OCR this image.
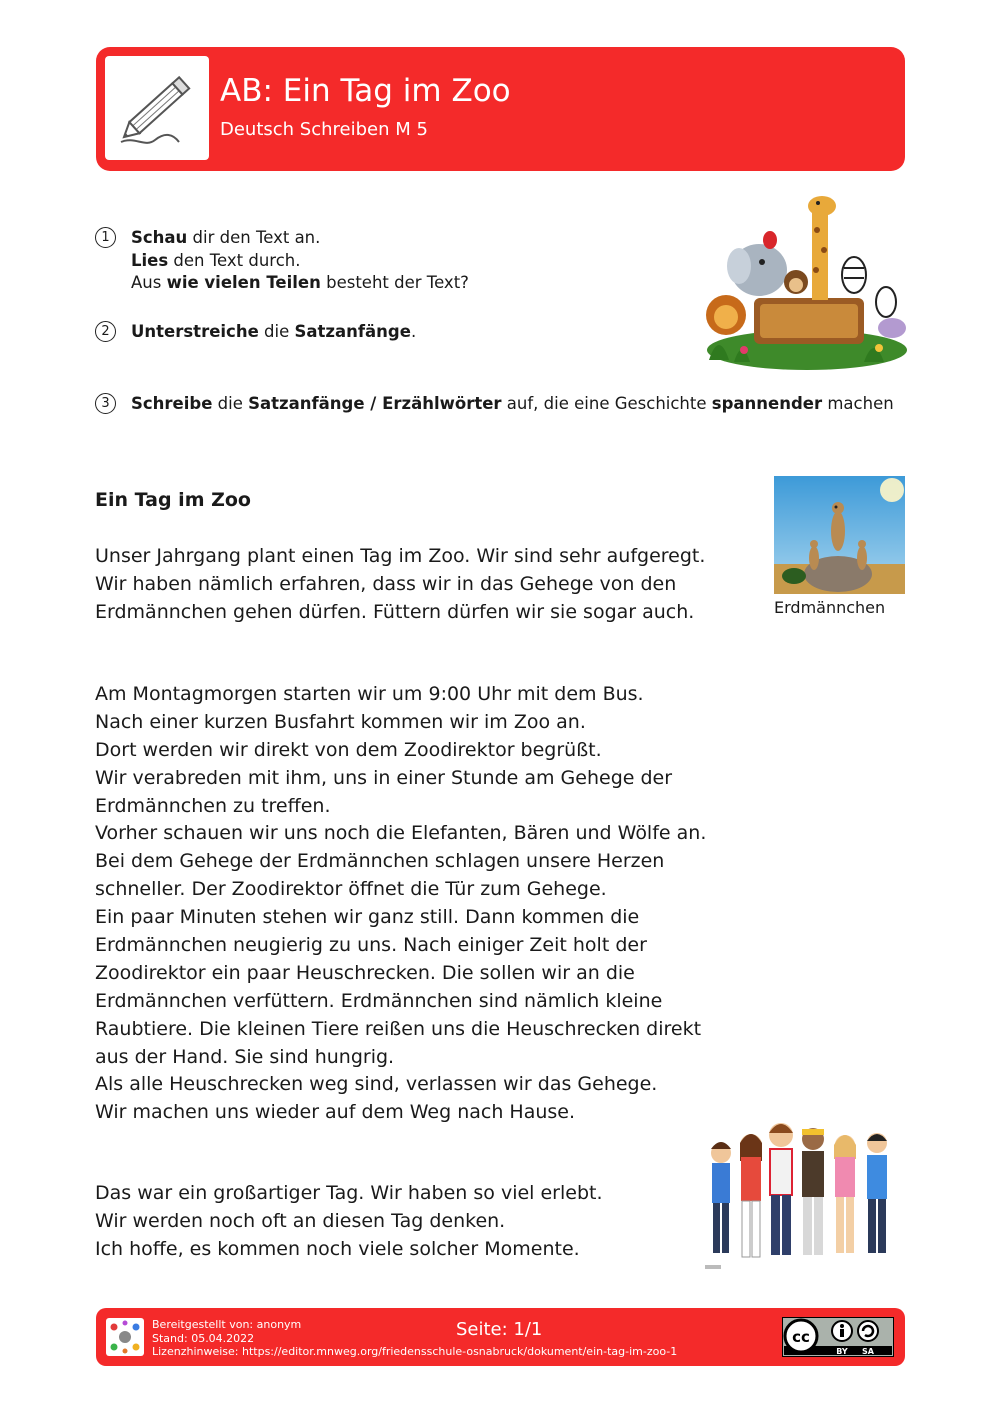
AB: Ein Tag im Zoo
Deutsch Schreiben M 5
1	Schau dir den Text an.
Lies den Text durch.
Aus wie vielen Teilen besteht der Text?
2	Unterstreiche die Satzanfänge.
3	Schreibe die Satzanfänge / Erzählwörter auf, die eine Geschichte spannender machen
Ein Tag im Zoo
Unser Jahrgang plant einen Tag im Zoo. Wir sind sehr aufgeregt.
Wir haben nämlich erfahren, dass wir in das Gehege von den
Erdmännchen gehen dürfen. Füttern dürfen wir sie sogar auch.
Am Montagmorgen starten wir um 9:00 Uhr mit dem Bus.
Nach einer kurzen Busfahrt kommen wir im Zoo an.
Dort werden wir direkt von dem Zoodirektor begrüßt.
Wir verabreden mit ihm, uns in einer Stunde am Gehege der
Erdmännchen zu treffen.
Vorher schauen wir uns noch die Elefanten, Bären und Wölfe an.
Bei dem Gehege der Erdmännchen schlagen unsere Herzen
schneller. Der Zoodirektor öffnet die Tür zum Gehege.
Ein paar Minuten stehen wir ganz still. Dann kommen die
Erdmännchen neugierig zu uns. Nach einiger Zeit holt der
Zoodirektor ein paar Heuschrecken. Die sollen wir an die
Erdmännchen verfüttern. Erdmännchen sind nämlich kleine
Raubtiere. Die kleinen Tiere reißen uns die Heuschrecken direkt
aus der Hand. Sie sind hungrig.
Als alle Heuschrecken weg sind, verlassen wir das Gehege.
Wir machen uns wieder auf dem Weg nach Hause.
Das war ein großartiger Tag. Wir haben so viel erlebt.
Wir werden noch oft an diesen Tag denken.
Ich hoffe, es kommen noch viele solcher Momente.
Erdmännchen
Bereitgestellt von: anonym
Stand: 05.04.2022
Lizenzhinweise: https://editor.mnweg.org/friedensschule-osnabruck/dokument/ein-tag-im-zoo-1
Seite: 1/1	cc
BY SA
